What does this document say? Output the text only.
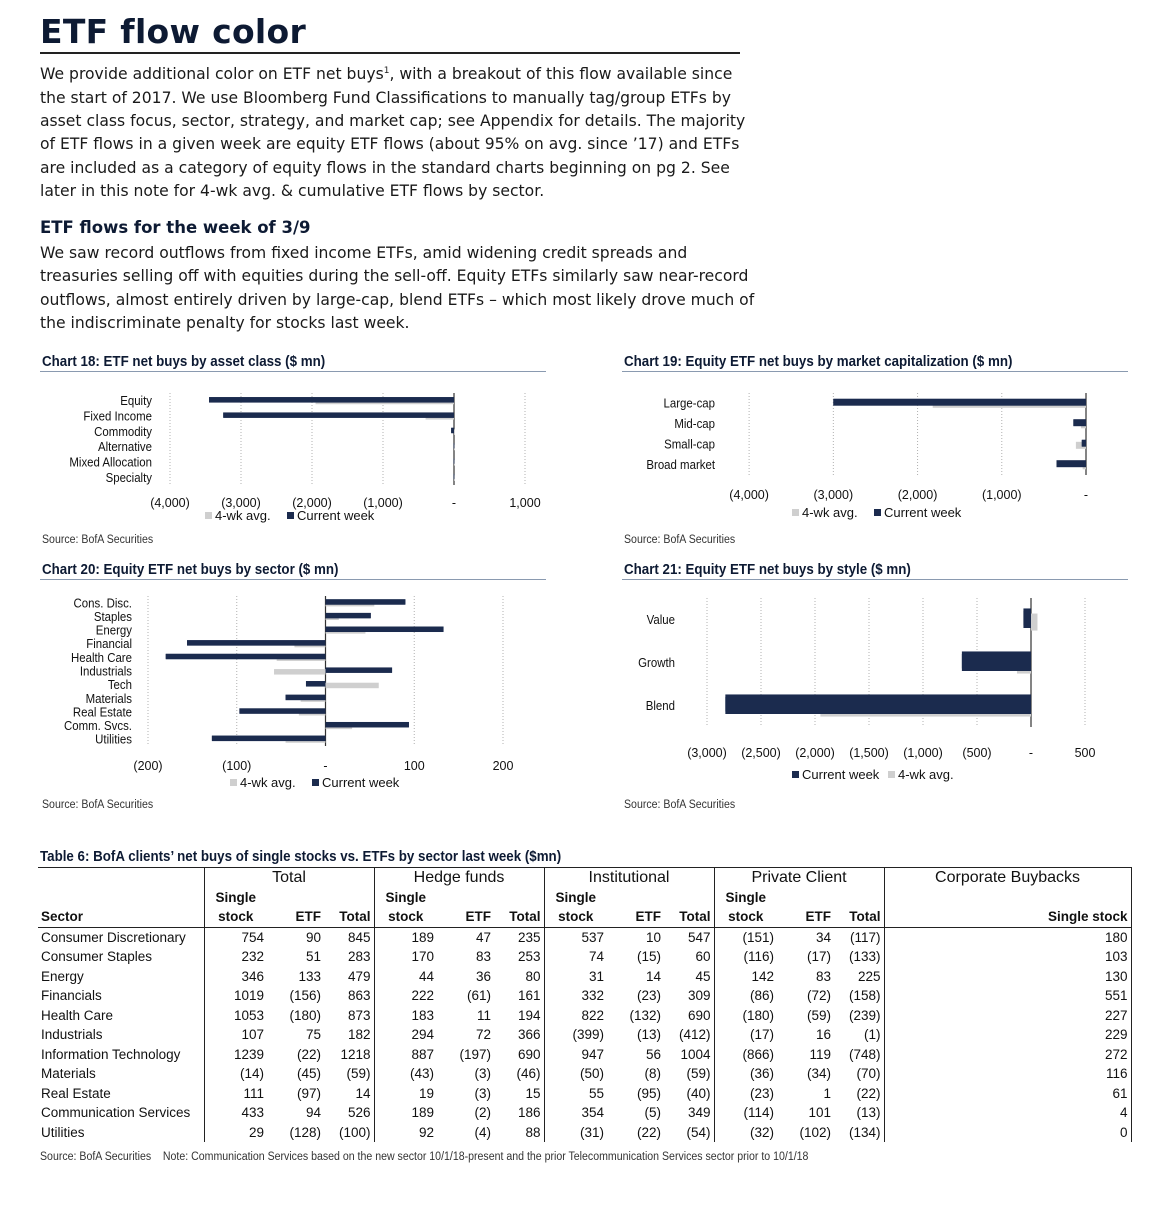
ETF flow color
We provide additional color on ETF net buys$^1$, with a breakout of this flow available since the start of 2017. We use Bloomberg Fund Classifications to manually tag/group ETFs by asset class focus, sector, strategy, and market cap; see Appendix for details. The majority of ETF flows in a given week are equity ETF flows (about 95% on avg. since ’17) and ETFs are included as a category of equity flows in the standard charts beginning on pg 2. See later in this note for 4-wk avg. & cumulative ETF flows by sector.
ETF flows for the week of 3/9
We saw record outflows from fixed income ETFs, amid widening credit spreads and treasuries selling off with equities during the sell-off. Equity ETFs similarly saw near-record outflows, almost entirely driven by large-cap, blend ETFs – which most likely drove much of the indiscriminate penalty for stocks last week.
Chart 18: ETF net buys by asset class ($ mn)	Chart 19: Equity ETF net buys by market capitalization ($ mn)
Chart 20: Equity ETF net buys by sector ($ mn)	Chart 21: Equity ETF net buys by style ($ mn)
Equity
Fixed Income
Commodity
Alternative
Mixed Allocation
Specialty
(4,000)	(3,000)	(2,000)	(1,000)	-	1,000
4-wk avg. Current week
Large-cap
Mid-cap
Small-cap
Broad market
(4,000)	(3,000)	(2,000)	(1,000)	-
4-wk avg. Current week
Cons. Disc.
Staples
Energy
Financial
Health Care
Industrials
Tech
Materials
Real Estate
Comm. Svcs.
Utilities
(200)	(100)	-	100	200
4-wk avg. Current week
Value
Growth
Blend
(3,000) (2,500) (2,000) (1,500) (1,000) (500)	-	500
Current week 4-wk avg.
Source: BofA Securities	Source: BofA Securities
Source: BofA Securities	Source: BofA Securities
Table 6: BofA clients’ net buys of single stocks vs. ETFs by sector last week ($mn)
	Total			Hedge funds			Institutional			Private Client			Corporate Buybacks
	Single			Single			Single			Single			
Sector	stock	ETF	Total	stock	ETF	Total	stock	ETF	Total	stock	ETF	Total	Single stock
Consumer Discretionary	754	90	845	189	47	235	537	10	547	(151)	34	(117)	180
Consumer Staples	232	51	283	170	83	253	74	(15)	60	(116)	(17)	(133)	103
Energy	346	133	479	44	36	80	31	14	45	142	83	225	130
Financials	1019	(156)	863	222	(61)	161	332	(23)	309	(86)	(72)	(158)	551
Health Care	1053	(180)	873	183	11	194	822	(132)	690	(180)	(59)	(239)	227
Industrials	107	75	182	294	72	366	(399)	(13)	(412)	(17)	16	(1)	229
Information Technology	1239	(22)	1218	887	(197)	690	947	56	1004	(866)	119	(748)	272
Materials	(14)	(45)	(59)	(43)	(3)	(46)	(50)	(8)	(59)	(36)	(34)	(70)	116
Real Estate	111	(97)	14	19	(3)	15	55	(95)	(40)	(23)	1	(22)	61
Communication Services	433	94	526	189	(2)	186	354	(5)	349	(114)	101	(13)	4
Utilities	29	(128)	(100)	92	(4)	88	(31)	(22)	(54)	(32)	(102)	(134)	0
Source: BofA Securities Note: Communication Services based on the new sector 10/1/18-present and the prior Telecommunication Services sector prior to 10/1/18
